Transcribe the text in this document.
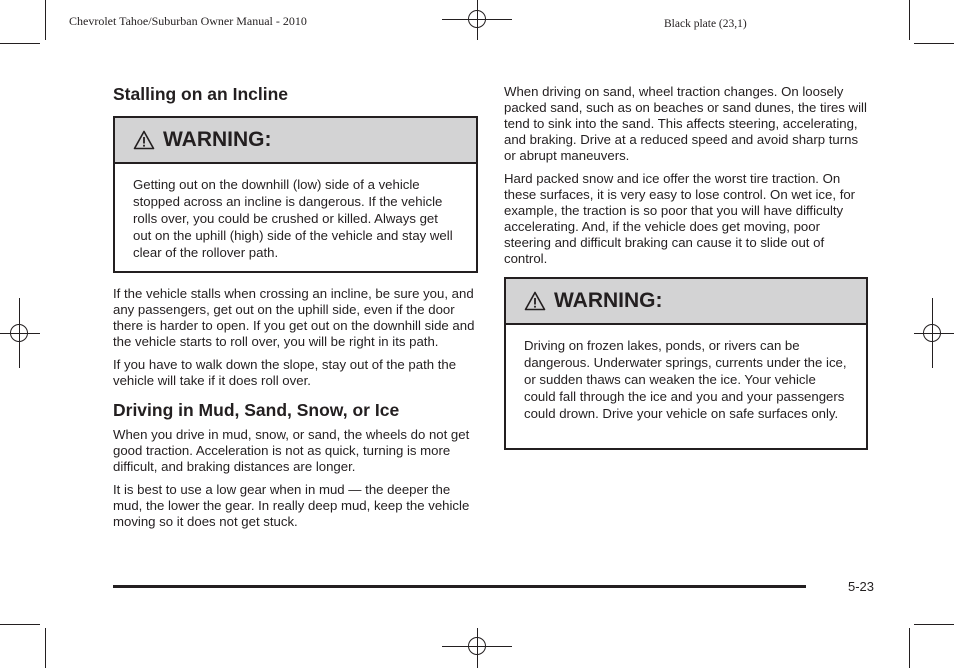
Chevrolet Tahoe/Suburban Owner Manual - 2010	Black plate (23,1)
Stalling on an Incline
WARNING:

Getting out on the downhill (low) side of a vehicle stopped across an incline is dangerous. If the vehicle rolls over, you could be crushed or killed. Always get out on the uphill (high) side of the vehicle and stay well clear of the rollover path.

If the vehicle stalls when crossing an incline, be sure you, and any passengers, get out on the uphill side, even if the door there is harder to open. If you get out on the downhill side and the vehicle starts to roll over, you will be right in its path.

If you have to walk down the slope, stay out of the path the vehicle will take if it does roll over.

Driving in Mud, Sand, Snow, or Ice

When you drive in mud, snow, or sand, the wheels do not get good traction. Acceleration is not as quick, turning is more difficult, and braking distances are longer.

It is best to use a low gear when in mud — the deeper the mud, the lower the gear. In really deep mud, keep the vehicle moving so it does not get stuck.

When driving on sand, wheel traction changes. On loosely packed sand, such as on beaches or sand dunes, the tires will tend to sink into the sand. This affects steering, accelerating, and braking. Drive at a reduced speed and avoid sharp turns or abrupt maneuvers.

Hard packed snow and ice offer the worst tire traction. On these surfaces, it is very easy to lose control. On wet ice, for example, the traction is so poor that you will have difficulty accelerating. And, if the vehicle does get moving, poor steering and difficult braking can cause it to slide out of control.

WARNING:

Driving on frozen lakes, ponds, or rivers can be dangerous. Underwater springs, currents under the ice, or sudden thaws can weaken the ice. Your vehicle could fall through the ice and you and your passengers could drown. Drive your vehicle on safe surfaces only.

5-23
